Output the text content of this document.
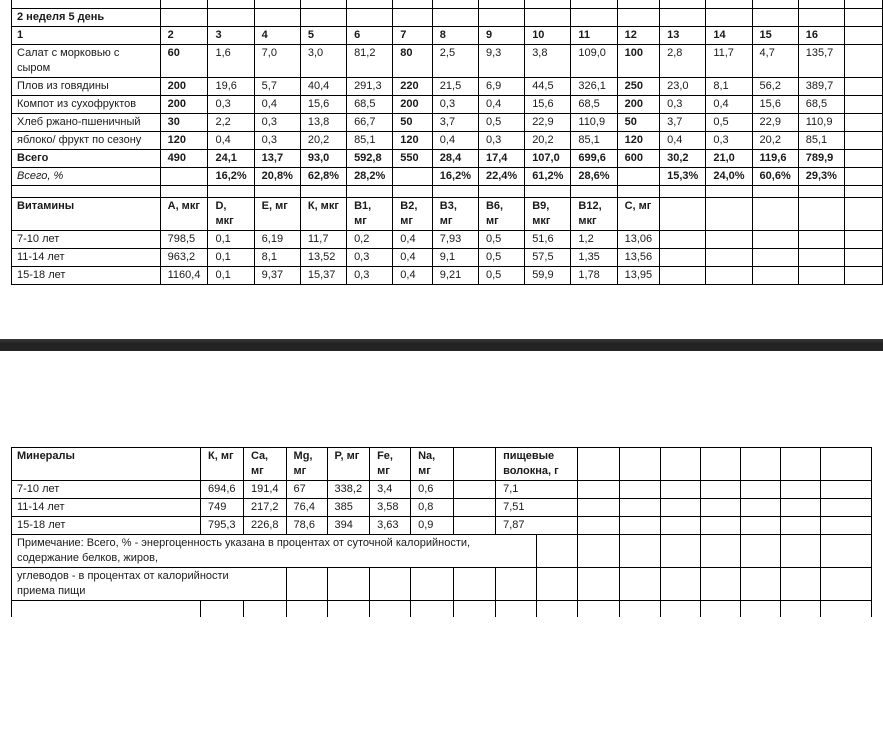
2 неделя 5 день																
1	2	3	4	5	6	7	8	9	10	11	12	13	14	15	16	
Салат с морковью с сыром	60	1,6	7,0	3,0	81,2	80	2,5	9,3	3,8	109,0	100	2,8	11,7	4,7	135,7	
Плов из говядины	200	19,6	5,7	40,4	291,3	220	21,5	6,9	44,5	326,1	250	23,0	8,1	56,2	389,7	
Компот из сухофруктов	200	0,3	0,4	15,6	68,5	200	0,3	0,4	15,6	68,5	200	0,3	0,4	15,6	68,5	
Хлеб ржано-пшеничный	30	2,2	0,3	13,8	66,7	50	3,7	0,5	22,9	110,9	50	3,7	0,5	22,9	110,9	
яблоко/ фрукт по сезону	120	0,4	0,3	20,2	85,1	120	0,4	0,3	20,2	85,1	120	0,4	0,3	20,2	85,1	
Всего	490	24,1	13,7	93,0	592,8	550	28,4	17,4	107,0	699,6	600	30,2	21,0	119,6	789,9	
Всего, %		16,2%	20,8%	62,8%	28,2%		16,2%	22,4%	61,2%	28,6%		15,3%	24,0%	60,6%	29,3%	

Витамины	А, мкг	D, мкг	Е, мг	К, мкг	В1, мг	В2, мг	В3, мг	В6, мг	В9, мкг	В12, мкг	С, мг					
7-10 лет	798,5	0,1	6,19	11,7	0,2	0,4	7,93	0,5	51,6	1,2	13,06					
11-14 лет	963,2	0,1	8,1	13,52	0,3	0,4	9,1	0,5	57,5	1,35	13,56					
15-18 лет	1160,4	0,1	9,37	15,37	0,3	0,4	9,21	0,5	59,9	1,78	13,95					
Минералы	К, мг	Ca, мг	Mg, мг	P, мг	Fe, мг	Na, мг		пищевые волокна, г								
7-10 лет	694,6	191,4	67	338,2	3,4	0,6		7,1								
11-14 лет	749	217,2	76,4	385	3,58	0,8		7,51								
15-18 лет	795,3	226,8	78,6	394	3,63	0,9		7,87								

Примечание: Всего, % - энергоценность указана в процентах от суточной калорийности,
содержание белков, жиров,																

углеводов - в процентах от калорийности
приема пищи																
